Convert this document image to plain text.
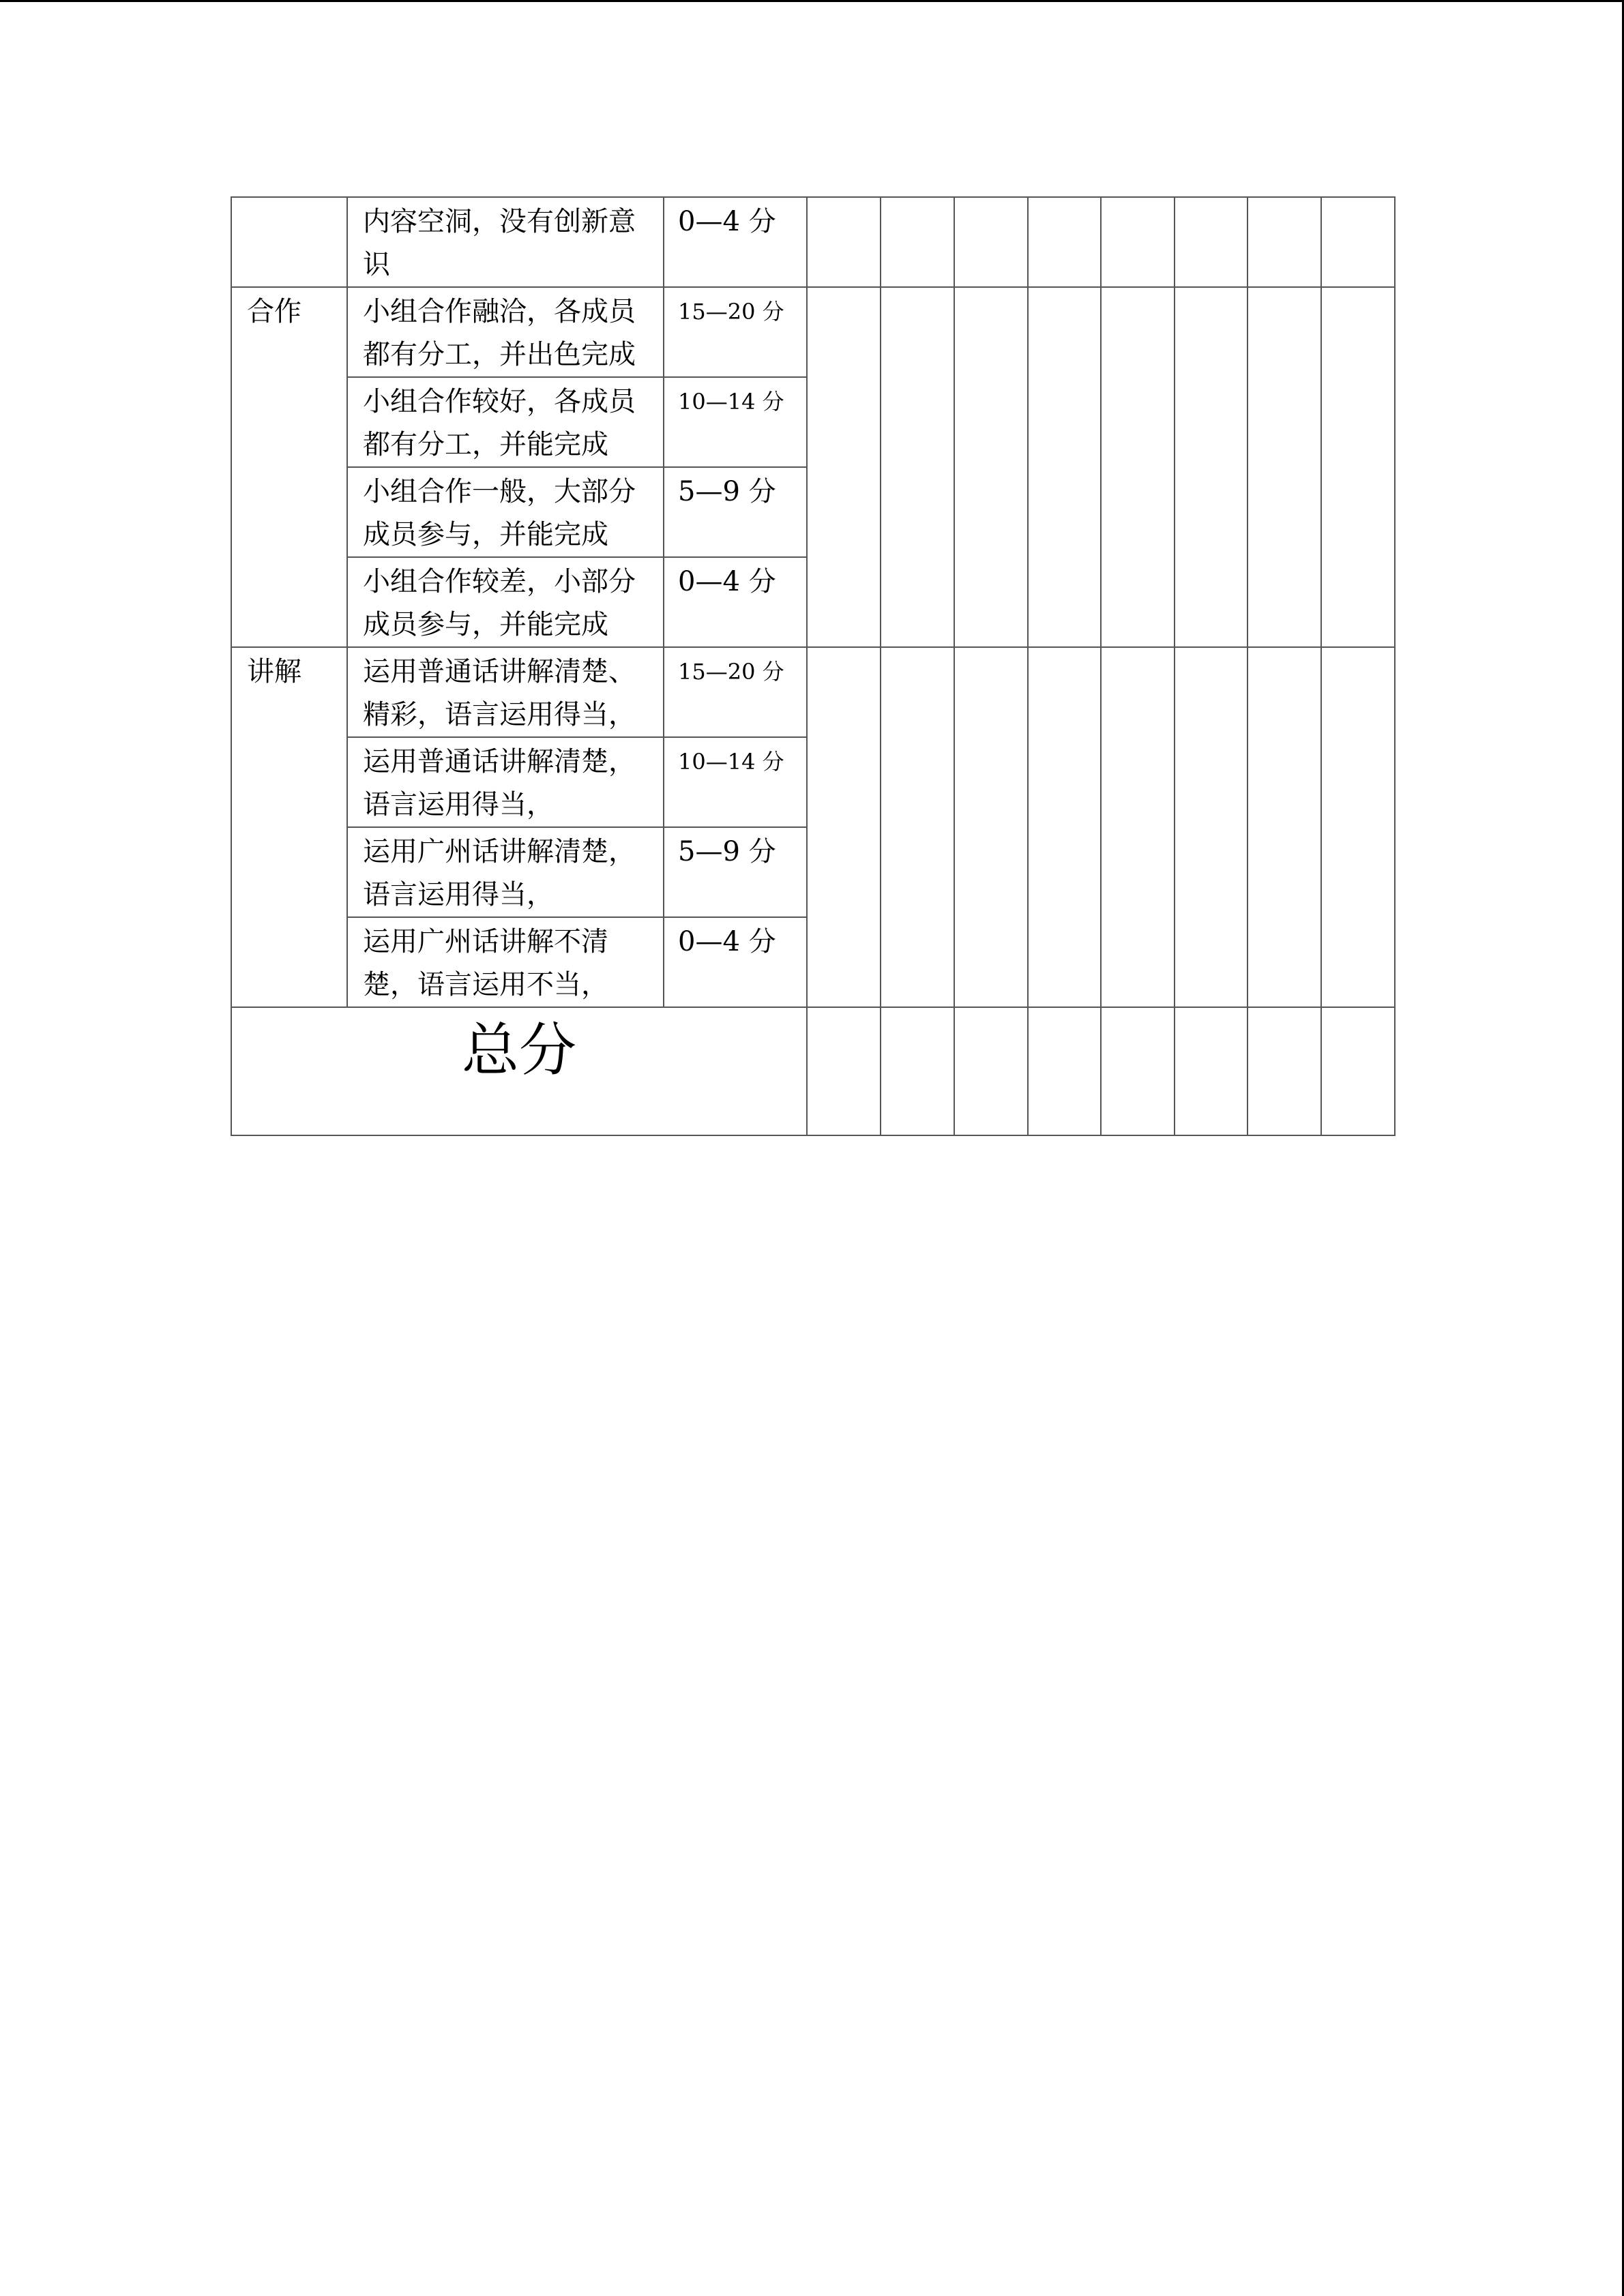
	内容空洞，没有创新意
识	0—4 分								

合作	小组合作融洽，各成员
都有分工，并出色完成	15—20 分								

	小组合作较好，各成员
都有分工，并能完成	10—14 分								

	小组合作一般，大部分
成员参与，并能完成	5—9 分								

	小组合作较差，小部分
成员参与，并能完成	0—4 分								

讲解	运用普通话讲解清楚、
精彩，语言运用得当，	15—20 分								

	运用普通话讲解清楚，
语言运用得当，	10—14 分								

	运用广州话讲解清楚，
语言运用得当，	5—9 分								

	运用广州话讲解不清
楚，语言运用不当，	0—4 分								

总分										
